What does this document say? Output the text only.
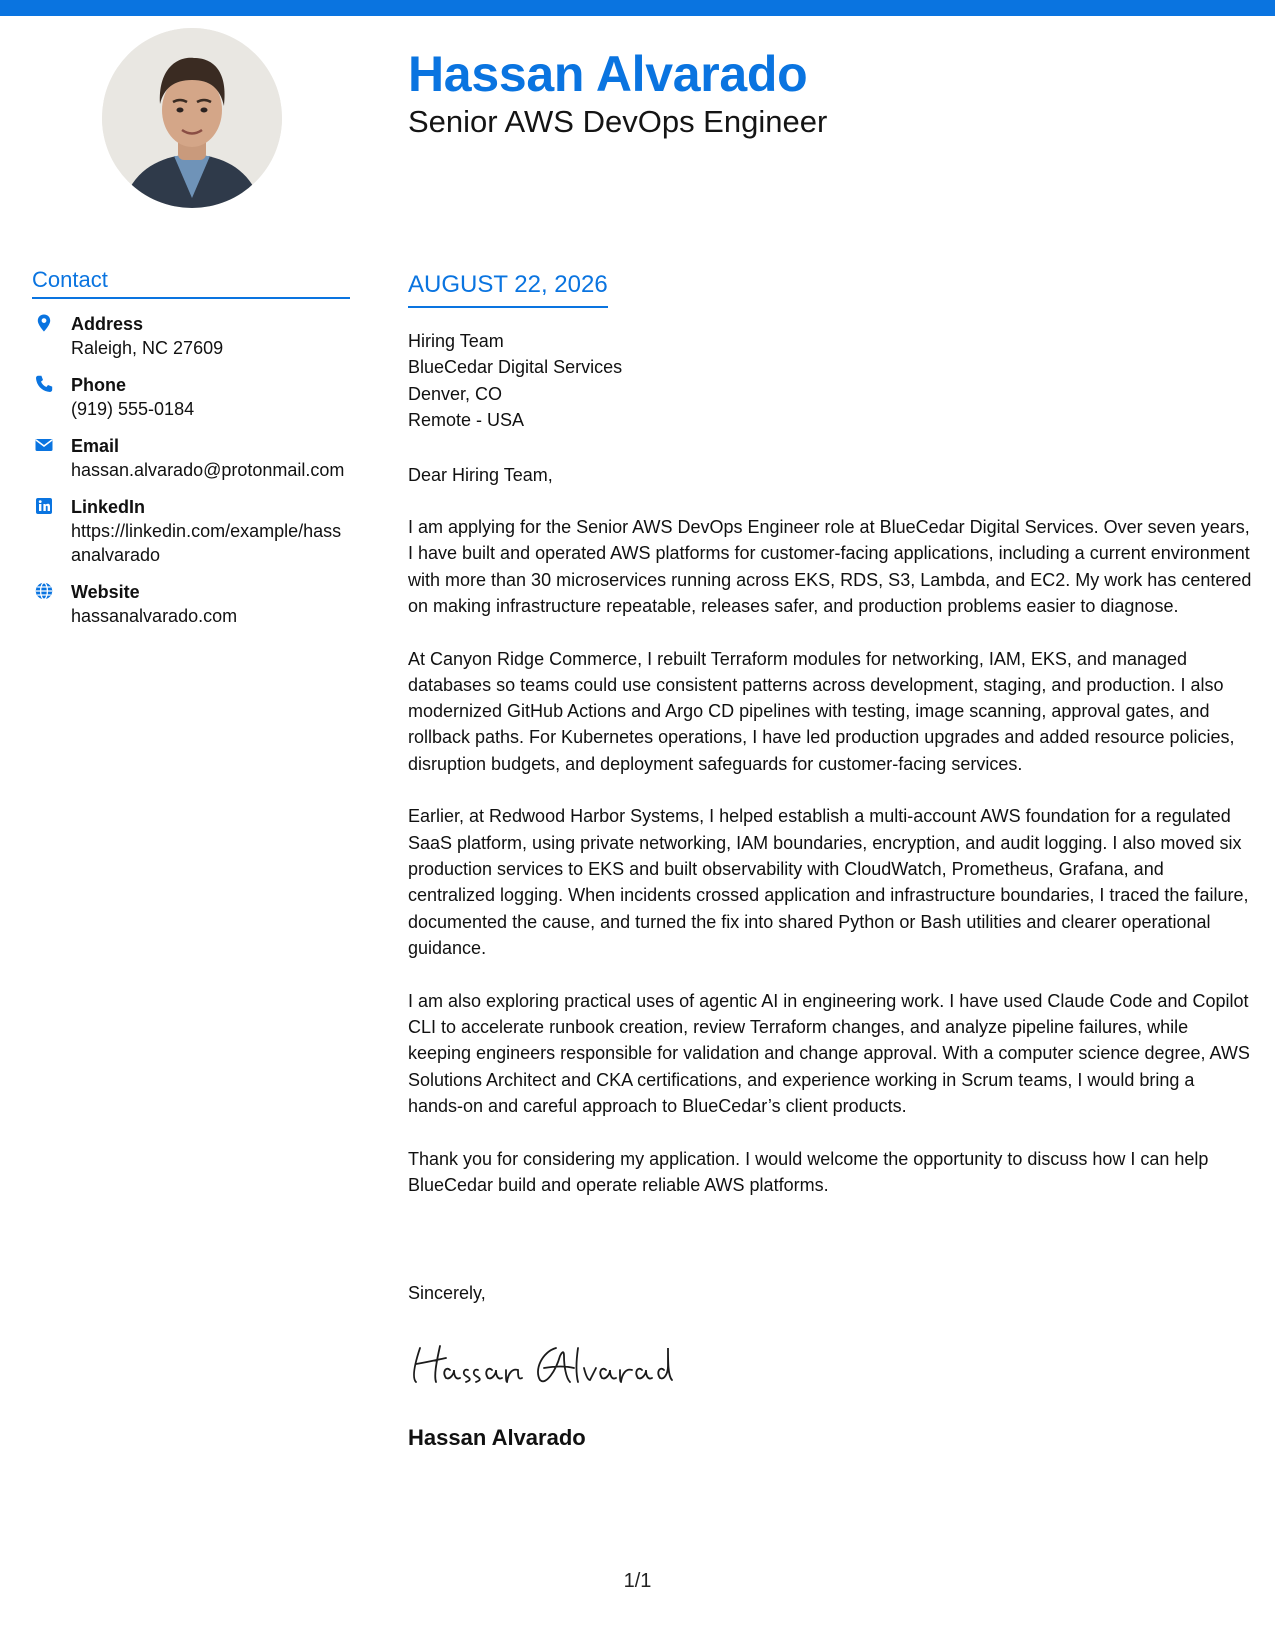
Hassan Alvarado
Senior AWS DevOps Engineer
Contact
Address
Raleigh, NC 27609
Phone
(919) 555-0184
Email
hassan.alvarado@protonmail.com
LinkedIn
https://linkedin.com/example/hassanalvarado
Website
hassanalvarado.com
AUGUST 22, 2026
Hiring Team
BlueCedar Digital Services
Denver, CO
Remote - USA
Dear Hiring Team,

I am applying for the Senior AWS DevOps Engineer role at BlueCedar Digital Services. Over seven years, I have built and operated AWS platforms for customer-facing applications, including a current environment with more than 30 microservices running across EKS, RDS, S3, Lambda, and EC2. My work has centered on making infrastructure repeatable, releases safer, and production problems easier to diagnose.

At Canyon Ridge Commerce, I rebuilt Terraform modules for networking, IAM, EKS, and managed databases so teams could use consistent patterns across development, staging, and production. I also modernized GitHub Actions and Argo CD pipelines with testing, image scanning, approval gates, and rollback paths. For Kubernetes operations, I have led production upgrades and added resource policies, disruption budgets, and deployment safeguards for customer-facing services.

Earlier, at Redwood Harbor Systems, I helped establish a multi-account AWS foundation for a regulated SaaS platform, using private networking, IAM boundaries, encryption, and audit logging. I also moved six production services to EKS and built observability with CloudWatch, Prometheus, Grafana, and centralized logging. When incidents crossed application and infrastructure boundaries, I traced the failure, documented the cause, and turned the fix into shared Python or Bash utilities and clearer operational guidance.

I am also exploring practical uses of agentic AI in engineering work. I have used Claude Code and Copilot CLI to accelerate runbook creation, review Terraform changes, and analyze pipeline failures, while keeping engineers responsible for validation and change approval. With a computer science degree, AWS Solutions Architect and CKA certifications, and experience working in Scrum teams, I would bring a hands-on and careful approach to BlueCedar’s client products.

Thank you for considering my application. I would welcome the opportunity to discuss how I can help BlueCedar build and operate reliable AWS platforms.

Sincerely,
Hassan Alvarado
1/1
